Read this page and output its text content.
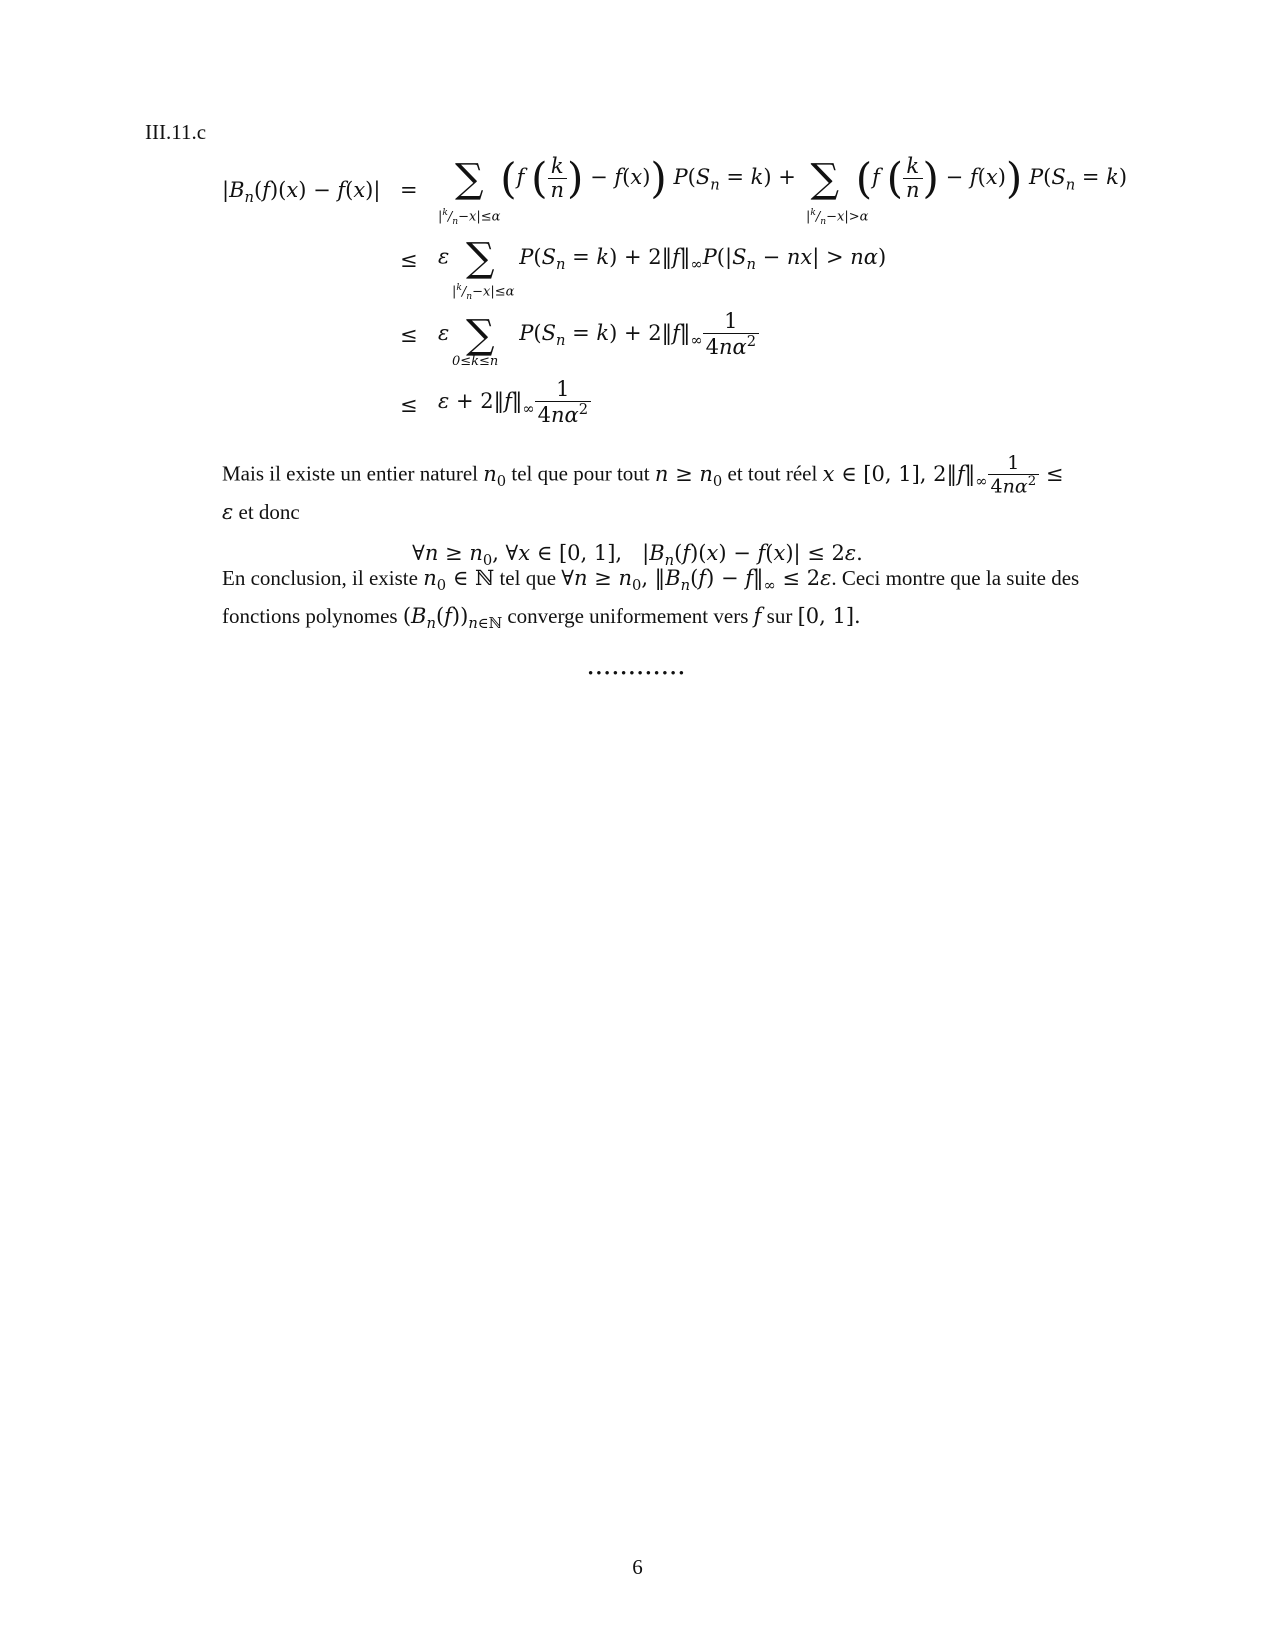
III.11.c
$|B_n(f)(x) - f(x)|$ = ∑ (f ( $\frac{k}{n}$ ) − f(x)) $P(S_n = k)$ + ∑ (f ( $\frac{k}{n}$ ) − f(x)) $P(S_n = k)$
$|^k/_n-x|\le\alpha$	$|^k/_n-x|>\alpha$
≤ ε ∑ $P(S_n = k)$ + $2‖f‖_\infty P(|S_n - nx| > n\alpha)$
$|^k/_n-x|\le\alpha$
≤ ε ∑ $P(S_n = k)$ + $2‖f‖_\infty \frac{1}{4n\alpha^2}$
0≤k≤n
≤ $\varepsilon + 2‖f‖_\infty \frac{1}{4n\alpha^2}$
Mais il existe un entier naturel $n_0$ tel que pour tout $n \ge n_0$ et tout réel x ∈ [0, 1], $2‖f‖_\infty \frac{1}{4n\alpha^2}$ ≤
ε et donc
∀n ≥ $n_0$, ∀x ∈ [0, 1],   $|B_n(f)(x) - f(x)| \le 2\varepsilon$.
En conclusion, il existe $n_0$ ∈ ℕ tel que ∀n ≥ $n_0$, $‖B_n(f)$ − $f‖_\infty \le 2\varepsilon$. Ceci montre que la suite des fonctions polynomes $(B_n(f))_{n\in ℕ}$ converge uniformement vers f sur [0, 1].
••••••••••••
6
